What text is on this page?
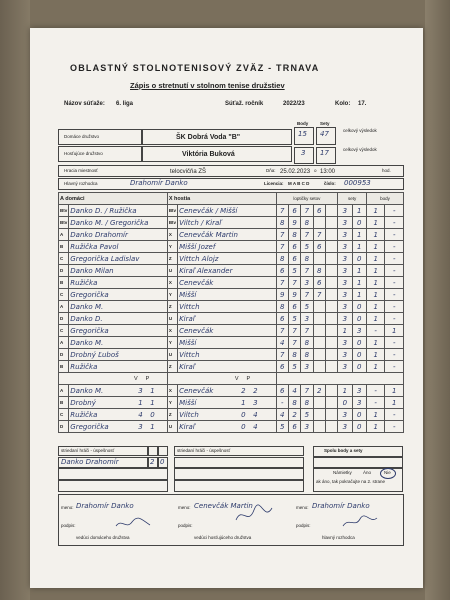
OBLASTNÝ STOLNOTENISOVÝ ZVÄZ - TRNAVA
Zápis o stretnutí v stolnom tenise družstiev
Názov súťaže: 6. liga	Súťaž. ročník	2022/23	Kolo: 17.
Body	Sety
Domáce družstvo	ŠK Dobrá Voda "B"	15 47	celkový výsledok
Hosťujúce družstvo	Viktória Buková	3 17	celkový výsledok
Hracia miestnosť	telocvičňa ZŠ	Dňa: 25.02.2023 o 13:00	hod.
Hlavný rozhodca	Drahomír Danko	Licencia: M A B C D	číslo: 000953
A domáci		X hostia		loptičky setov					sety		body	
Btv	Danko D. / Ružička	Btv	Cenevčák / Mišší	7	6	7	6		3	1	1	-
Btv	Danko M. / Gregorička	Btv	Viltch / Kiraľ	8	9	8			3	0	1	-
A	Danko Drahomír	X	Cenevčák Martin	7	8	7	7		3	1	1	-
B	Ružička Pavol	Y	Mišší Jozef	7	6	5	6		3	1	1	-
C	Gregorička Ladislav	Z	Vittch Alojz	8	6	8			3	0	1	-
D	Danko Milan	U	Kiraľ Alexander	6	5	7	8		3	1	1	-
B	Ružička	X	Cenevčák	7	7	3	6		3	1	1	-
C	Gregorička	Y	Mišší	9	9	7	7		3	1	1	-
A	Danko M.	Z	Vittch	8	6	5			3	0	1	-
D	Danko D.	U	Kiraľ	6	5	3			3	0	1	-
C	Gregorička	X	Cenevčák	7	7	7			1	3	-	1
A	Danko M.	Y	Mišší	4	7	8			3	0	1	-
D	Drobný Ľuboš	U	Vittch	7	8	8			3	0	1	-
B	Ružička	Z	Kiraľ	6	5	3			3	0	1	-
V P		V P										
A	Danko M. 3 1	X	Cenevčák 2 2	6	4	7	2		1	3	-	1
B	Drobný 1 1	Y	Mišší 1 3	-	8	8			0	3	-	1
C	Ružička 4 0	Z	Viltch 0 4	4	2	5			3	0	1	-
D	Gregorička 3 1	U	Kiraľ 0 4	5	6	3			3	0	1	-
striedaní hráči - úspešnosť	striedaní hráči - úspešnosť	Spolu body a sety
Danko Drahomír	2 0
Námietky Áno	Nie
ak áno, tak pokračujte na 2. strane
meno: Drahomír Danko
podpis:
vedúci domáceho družstva
meno: Cenevčák Martin
podpis:
vedúci hosťujúceho družstva
meno: Drahomír Danko
podpis:
hlavný rozhodca
